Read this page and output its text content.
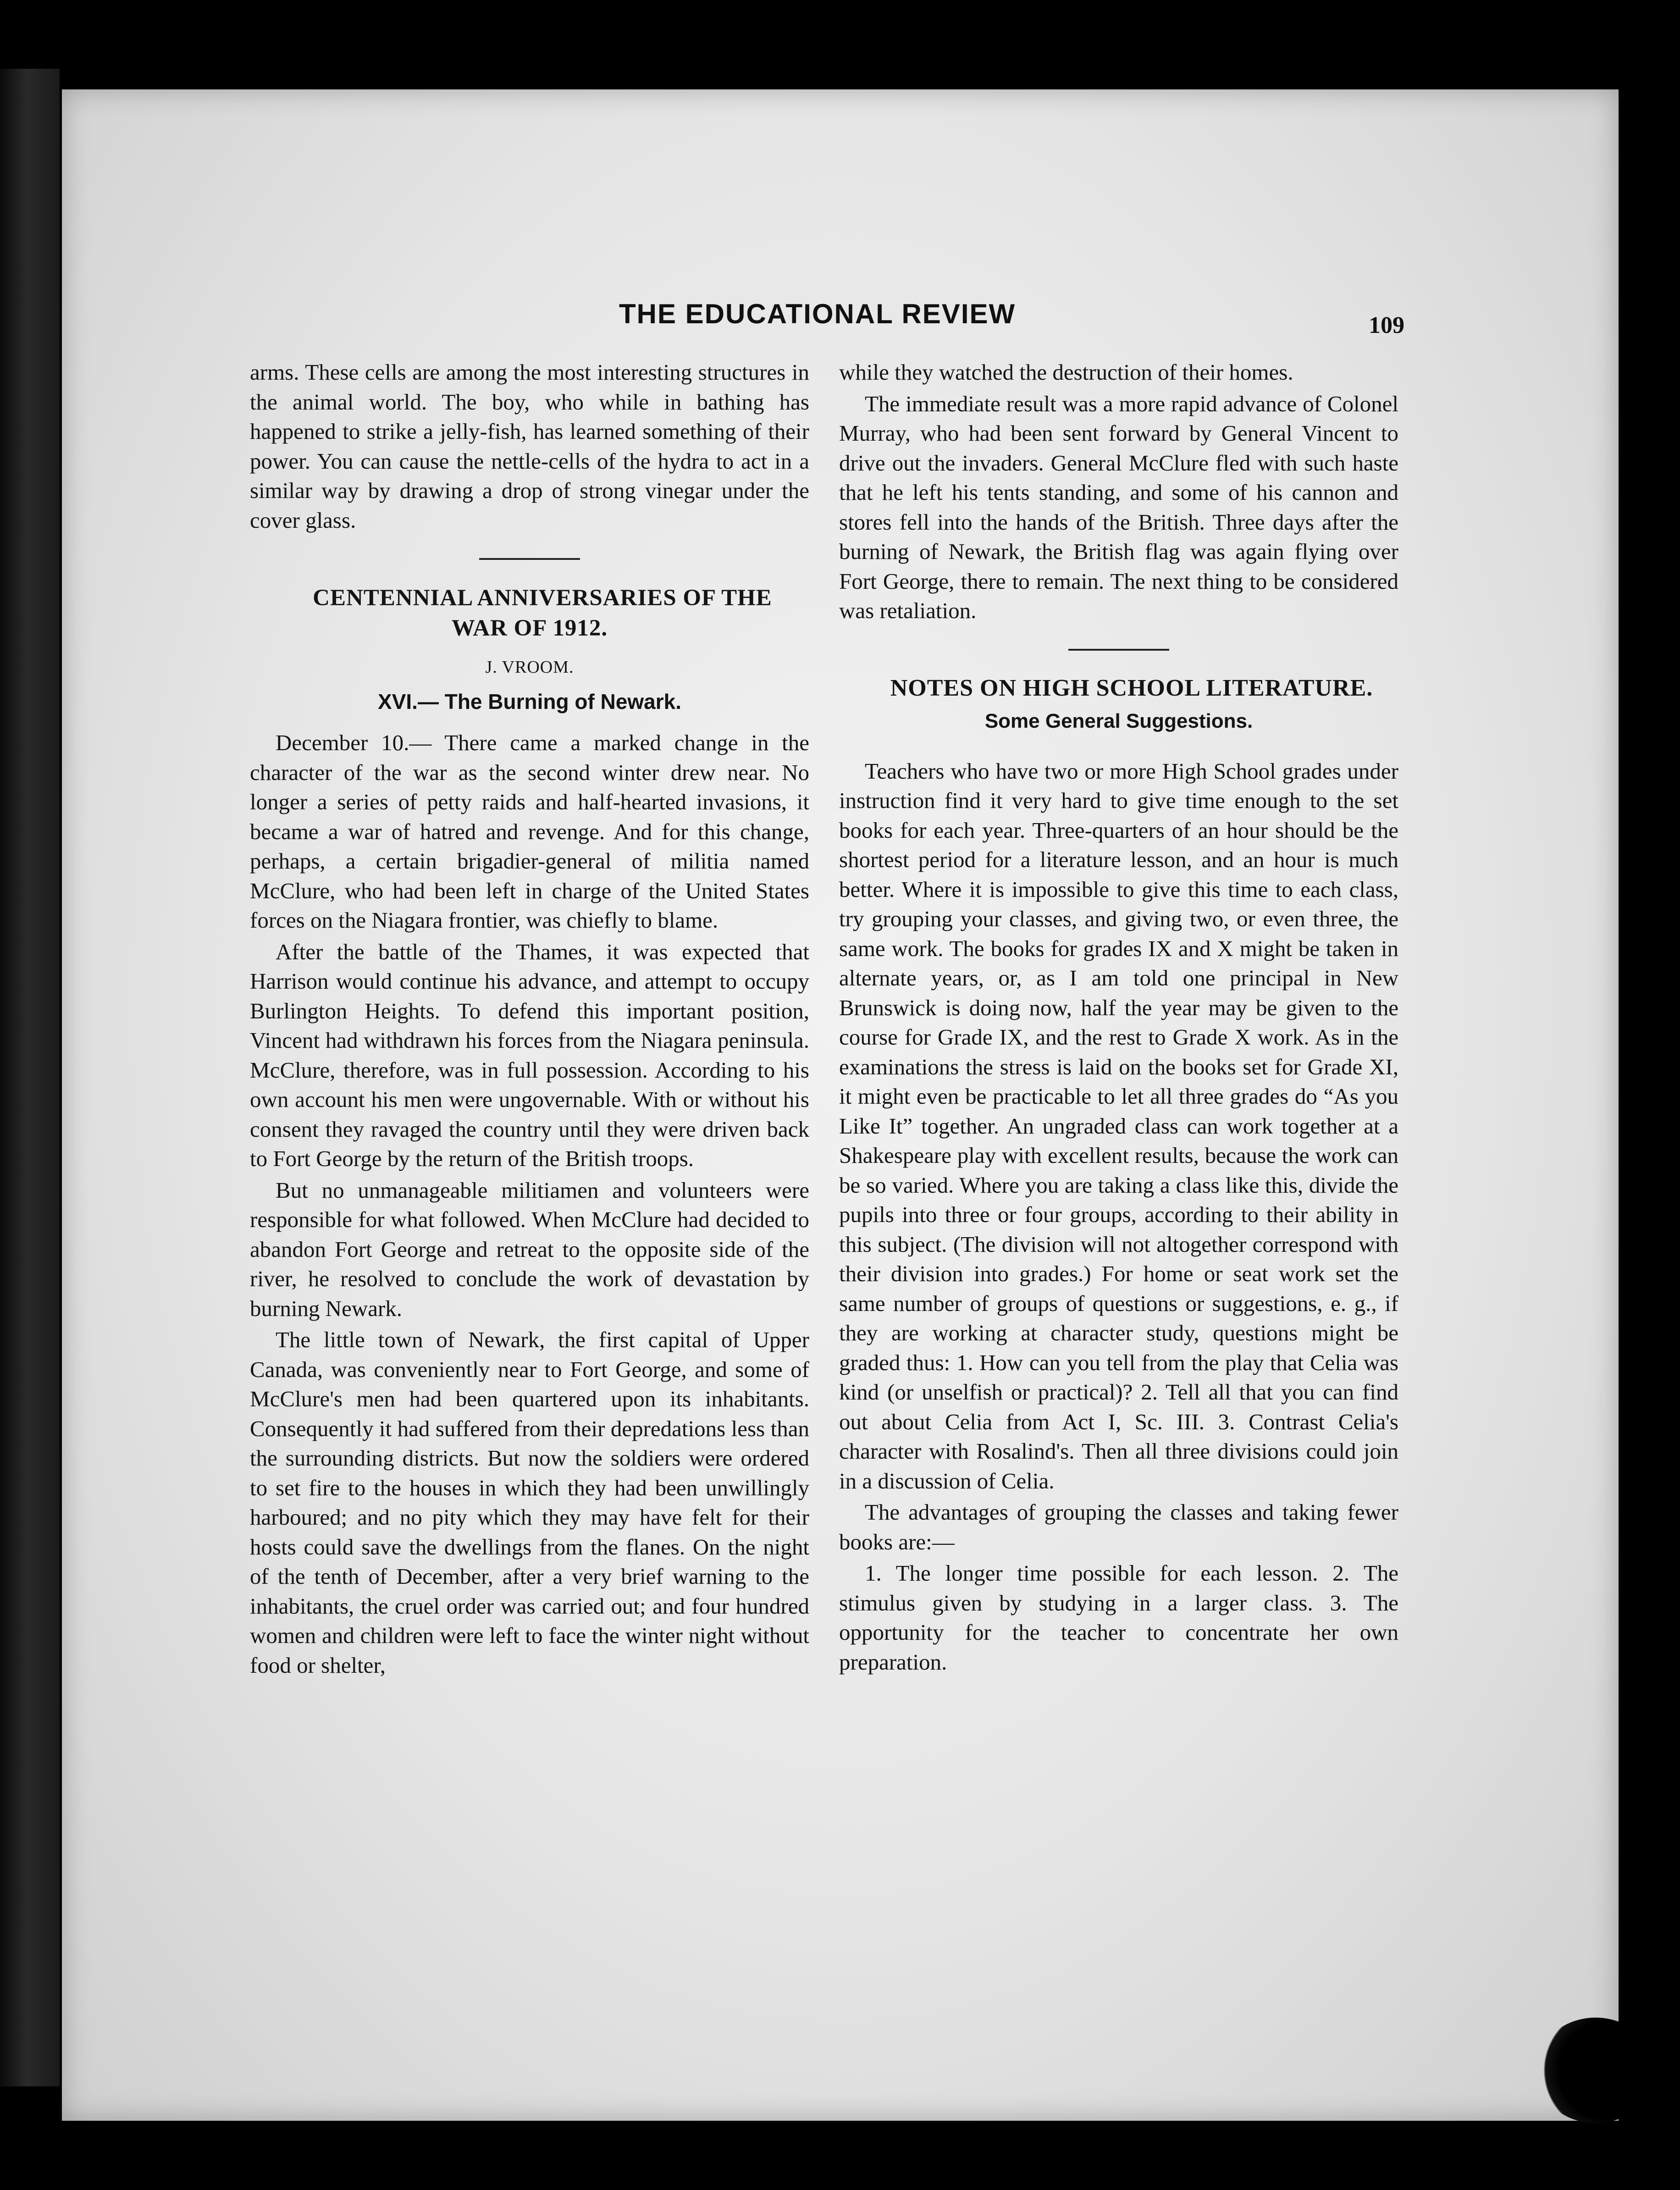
THE EDUCATIONAL REVIEW	109

arms. These cells are among the most interesting structures in the animal world. The boy, who while in bathing has happened to strike a jelly-fish, has learned something of their power. You can cause the nettle-cells of the hydra to act in a similar way by drawing a drop of strong vinegar under the cover glass.

CENTENNIAL ANNIVERSARIES OF THE
WAR OF 1912.

J. VROOM.
XVI.— The Burning of Newark.

December 10.— There came a marked change in the character of the war as the second winter drew near. No longer a series of petty raids and half-hearted invasions, it became a war of hatred and revenge. And for this change, perhaps, a certain brigadier-general of militia named McClure, who had been left in charge of the United States forces on the Niagara frontier, was chiefly to blame.

After the battle of the Thames, it was expected that Harrison would continue his advance, and attempt to occupy Burlington Heights. To defend this important position, Vincent had withdrawn his forces from the Niagara peninsula. McClure, therefore, was in full possession. According to his own account his men were ungovernable. With or without his consent they ravaged the country until they were driven back to Fort George by the return of the British troops.

But no unmanageable militiamen and volunteers were responsible for what followed. When McClure had decided to abandon Fort George and retreat to the opposite side of the river, he resolved to conclude the work of devastation by burning Newark.

The little town of Newark, the first capital of Upper Canada, was conveniently near to Fort George, and some of McClure's men had been quartered upon its inhabitants. Consequently it had suffered from their depredations less than the surrounding districts. But now the soldiers were ordered to set fire to the houses in which they had been unwillingly harboured; and no pity which they may have felt for their hosts could save the dwellings from the flanes. On the night of the tenth of December, after a very brief warning to the inhabitants, the cruel order was carried out; and four hundred women and children were left to face the winter night without food or shelter,

while they watched the destruction of their homes.

The immediate result was a more rapid advance of Colonel Murray, who had been sent forward by General Vincent to drive out the invaders. General McClure fled with such haste that he left his tents standing, and some of his cannon and stores fell into the hands of the British. Three days after the burning of Newark, the British flag was again flying over Fort George, there to remain. The next thing to be considered was retaliation.

NOTES ON HIGH SCHOOL LITERATURE.

Some General Suggestions.

Teachers who have two or more High School grades under instruction find it very hard to give time enough to the set books for each year. Three-quarters of an hour should be the shortest period for a literature lesson, and an hour is much better. Where it is impossible to give this time to each class, try grouping your classes, and giving two, or even three, the same work. The books for grades IX and X might be taken in alternate years, or, as I am told one principal in New Brunswick is doing now, half the year may be given to the course for Grade IX, and the rest to Grade X work. As in the examinations the stress is laid on the books set for Grade XI, it might even be practicable to let all three grades do “As you Like It” together. An ungraded class can work together at a Shakespeare play with excellent results, because the work can be so varied. Where you are taking a class like this, divide the pupils into three or four groups, according to their ability in this subject. (The division will not altogether correspond with their division into grades.) For home or seat work set the same number of groups of questions or suggestions, e. g., if they are working at character study, questions might be graded thus: 1. How can you tell from the play that Celia was kind (or unselfish or practical)? 2. Tell all that you can find out about Celia from Act I, Sc. III. 3. Contrast Celia's character with Rosalind's. Then all three divisions could join in a discussion of Celia.

The advantages of grouping the classes and taking fewer books are:—

1. The longer time possible for each lesson. 2. The stimulus given by studying in a larger class. 3. The opportunity for the teacher to concentrate her own preparation.
